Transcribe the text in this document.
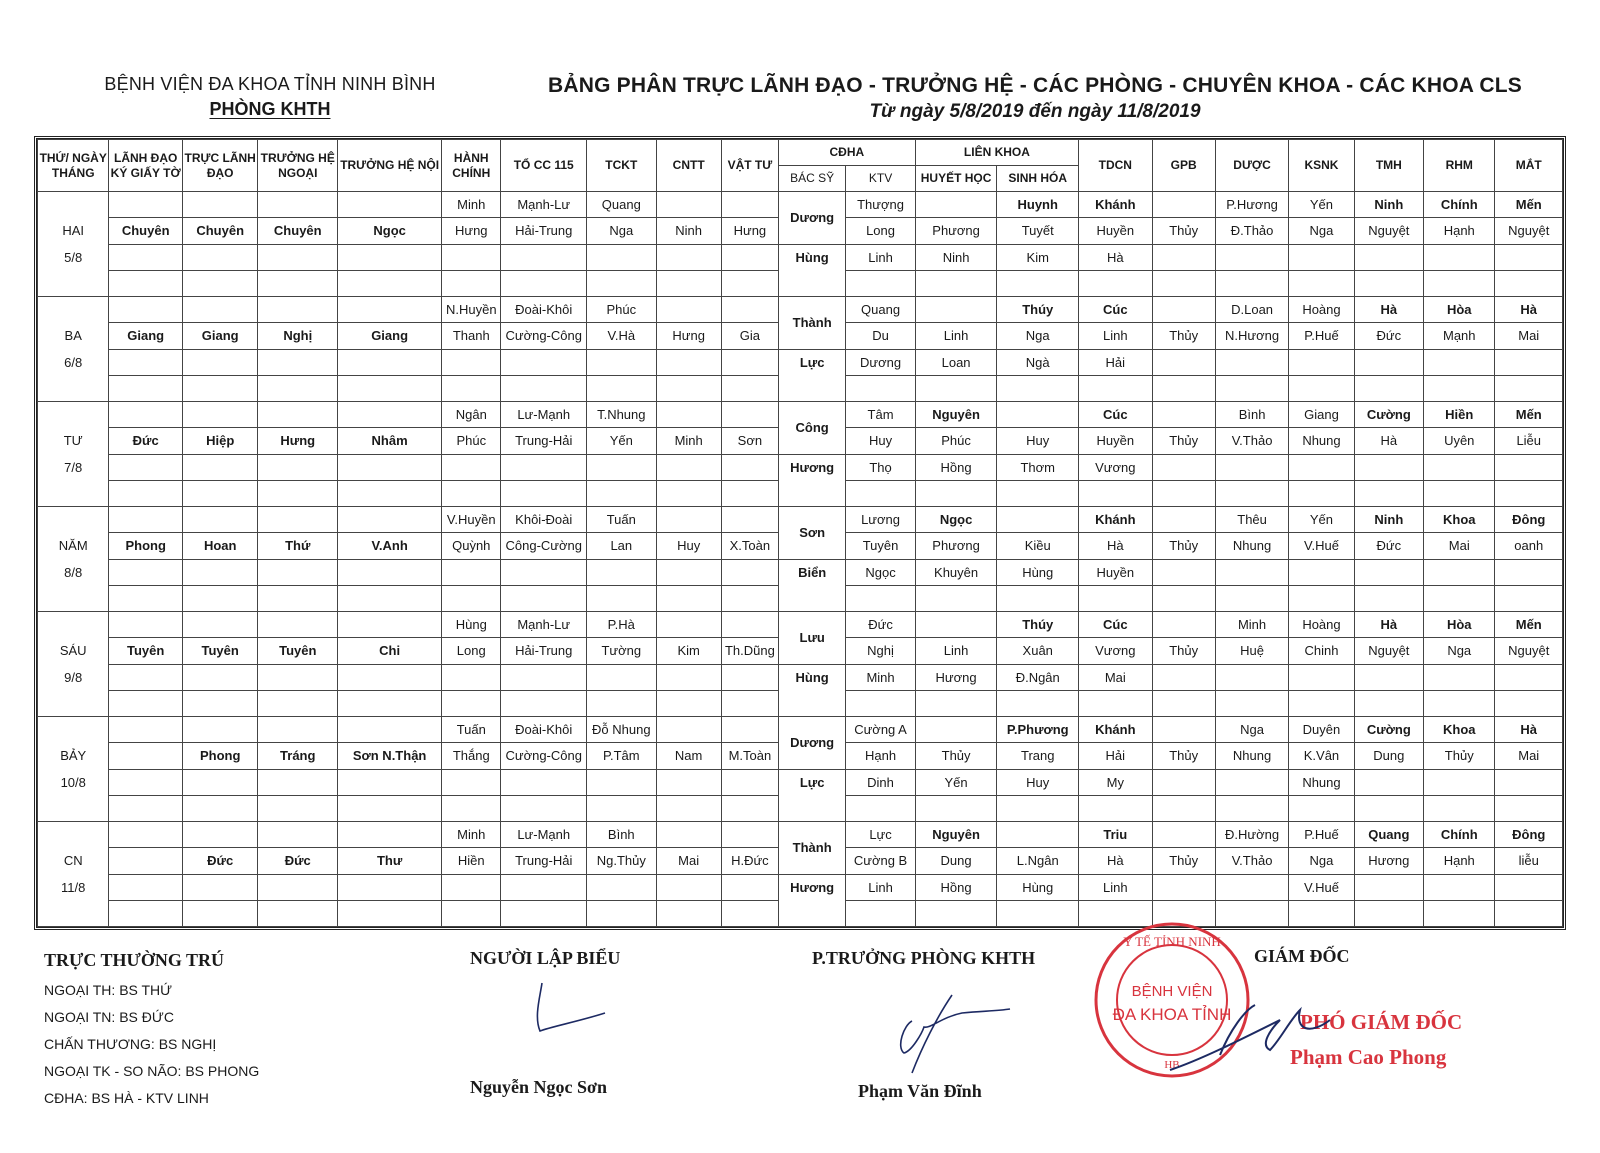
BỆNH VIỆN ĐA KHOA TỈNH NINH BÌNH
PHÒNG KHTH
BẢNG PHÂN TRỰC LÃNH ĐẠO - TRƯỞNG HỆ - CÁC PHÒNG - CHUYÊN KHOA - CÁC KHOA CLS
Từ ngày 5/8/2019 đến ngày 11/8/2019
THỨ/ NGÀY THÁNG	LÃNH ĐẠO KÝ GIẤY TỜ	TRỰC LÃNH ĐẠO	TRƯỞNG HỆ NGOẠI	TRƯỞNG HỆ NỘI	HÀNH CHÍNH	TỔ CC 115	TCKT	CNTT	VẬT TƯ	CĐHA		LIÊN KHOA		TDCN	GPB	DƯỢC	KSNK	TMH	RHM	MẮT
										BÁC SỸ	KTV	HUYẾT HỌC	SINH HÓA							
					Minh	Mạnh-Lư	Quang			Dương	Thượng		Huynh	Khánh		P.Hương	Yến	Ninh	Chính	Mến
HAI	Chuyên	Chuyên	Chuyên	Ngọc	Hưng	Hải-Trung	Nga	Ninh	Hưng		Long	Phương	Tuyết	Huyền	Thủy	Đ.Thảo	Nga	Nguyệt	Hạnh	Nguyệt
5/8										Hùng	Linh	Ninh	Kim	Hà						

					N.Huyền	Đoài-Khôi	Phúc			Thành	Quang		Thúy	Cúc		D.Loan	Hoàng	Hà	Hòa	Hà
BA	Giang	Giang	Nghị	Giang	Thanh	Cường-Công	V.Hà	Hưng	Gia		Du	Linh	Nga	Linh	Thủy	N.Hương	P.Huế	Đức	Mạnh	Mai
6/8										Lực	Dương	Loan	Ngà	Hải						

					Ngân	Lư-Mạnh	T.Nhung			Công	Tâm	Nguyên		Cúc		Bình	Giang	Cường	Hiền	Mến
TƯ	Đức	Hiệp	Hưng	Nhâm	Phúc	Trung-Hải	Yến	Minh	Sơn		Huy	Phúc	Huy	Huyền	Thủy	V.Thảo	Nhung	Hà	Uyên	Liễu
7/8										Hương	Thọ	Hồng	Thơm	Vương						

					V.Huyền	Khôi-Đoài	Tuấn			Sơn	Lương	Ngọc		Khánh		Thêu	Yến	Ninh	Khoa	Đông
NĂM	Phong	Hoan	Thứ	V.Anh	Quỳnh	Công-Cường	Lan	Huy	X.Toàn		Tuyên	Phương	Kiều	Hà	Thủy	Nhung	V.Huế	Đức	Mai	oanh
8/8										Biển	Ngọc	Khuyên	Hùng	Huyền						

					Hùng	Mạnh-Lư	P.Hà			Lưu	Đức		Thúy	Cúc		Minh	Hoàng	Hà	Hòa	Mến
SÁU	Tuyên	Tuyên	Tuyên	Chi	Long	Hải-Trung	Tường	Kim	Th.Dũng		Nghị	Linh	Xuân	Vương	Thủy	Huệ	Chinh	Nguyệt	Nga	Nguyệt
9/8										Hùng	Minh	Hương	Đ.Ngân	Mai						

					Tuấn	Đoài-Khôi	Đỗ Nhung			Dương	Cường A		P.Phương	Khánh		Nga	Duyên	Cường	Khoa	Hà
BẢY		Phong	Tráng	Sơn N.Thận	Thắng	Cường-Công	P.Tâm	Nam	M.Toàn		Hạnh	Thủy	Trang	Hải	Thủy	Nhung	K.Vân	Dung	Thủy	Mai
10/8										Lực	Dinh	Yến	Huy	My			Nhung			

					Minh	Lư-Mạnh	Bình			Thành	Lực	Nguyên		Triu		Đ.Hường	P.Huế	Quang	Chính	Đông
CN		Đức	Đức	Thư	Hiền	Trung-Hải	Ng.Thủy	Mai	H.Đức		Cường B	Dung	L.Ngân	Hà	Thủy	V.Thảo	Nga	Hương	Hạnh	liễu
11/8										Hương	Linh	Hồng	Hùng	Linh			V.Huế			

TRỰC THƯỜNG TRÚ
NGOẠI TH: BS THỨ
NGOẠI TN: BS ĐỨC
CHẤN THƯƠNG: BS NGHỊ
NGOẠI TK - SO NÃO: BS PHONG
CĐHA: BS HÀ - KTV LINH
NGƯỜI LẬP BIỂU
Nguyễn Ngọc Sơn
P.TRƯỞNG PHÒNG KHTH
Phạm Văn Đĩnh
Y TẾ TỈNH NINH
BỆNH VIỆN
ĐA KHOA TỈNH
HB
GIÁM ĐỐC
PHÓ GIÁM ĐỐC
Phạm Cao Phong
